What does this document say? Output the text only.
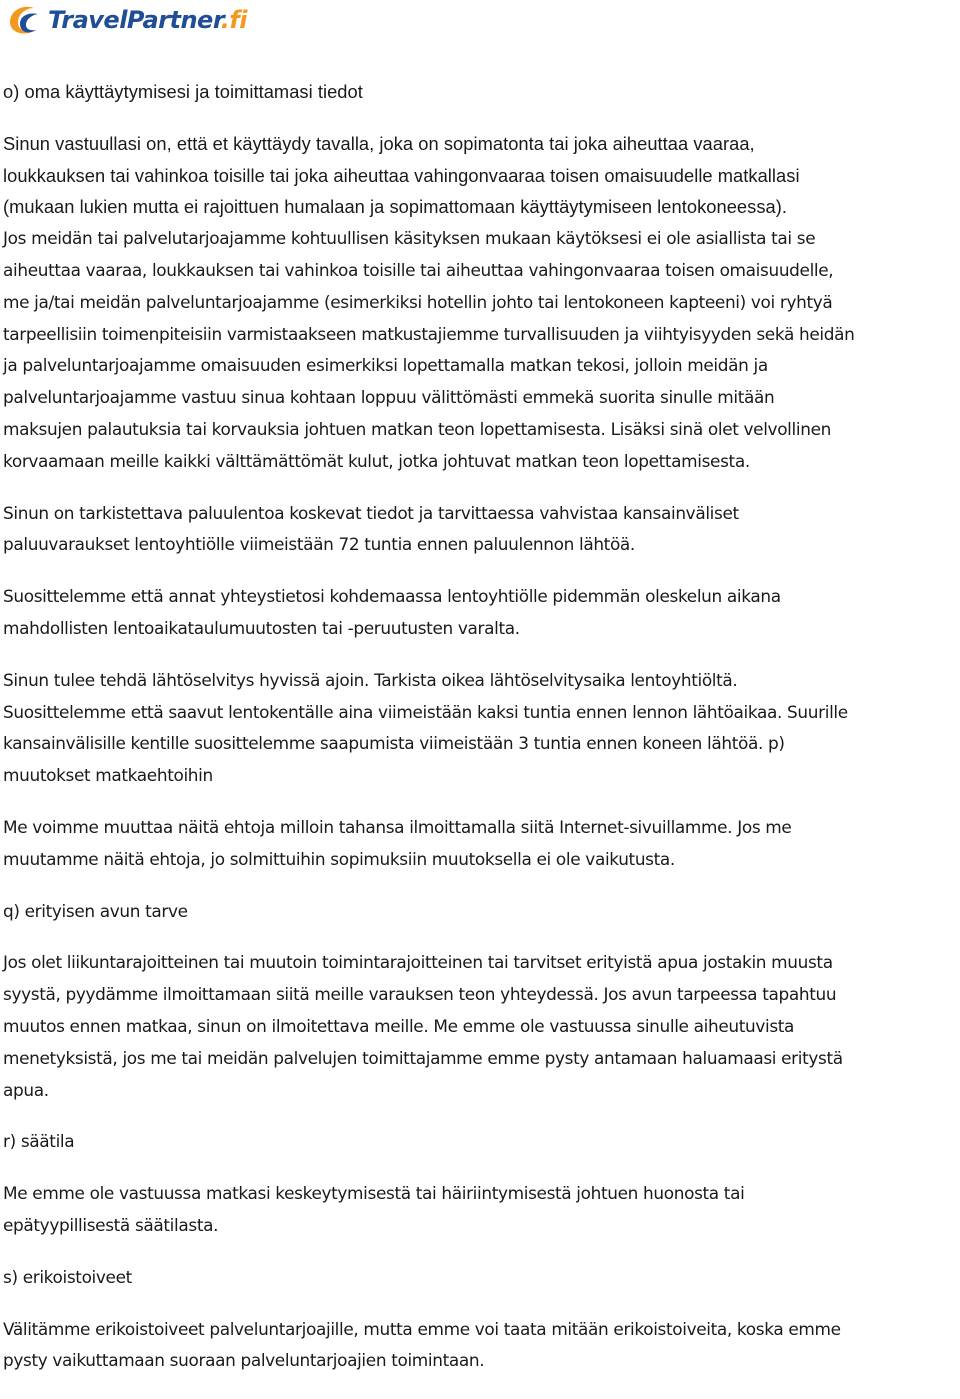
TravelPartner.fi
o) oma käyttäytymisesi ja toimittamasi tiedot
Sinun vastuullasi on, että et käyttäydy tavalla, joka on sopimatonta tai joka aiheuttaa vaaraa,
loukkauksen tai vahinkoa toisille tai joka aiheuttaa vahingonvaaraa toisen omaisuudelle matkallasi
(mukaan lukien mutta ei rajoittuen humalaan ja sopimattomaan käyttäytymiseen lentokoneessa).
Jos meidän tai palvelutarjoajamme kohtuullisen käsityksen mukaan käytöksesi ei ole asiallista tai se
aiheuttaa vaaraa, loukkauksen tai vahinkoa toisille tai aiheuttaa vahingonvaaraa toisen omaisuudelle,
me ja/tai meidän palveluntarjoajamme (esimerkiksi hotellin johto tai lentokoneen kapteeni) voi ryhtyä
tarpeellisiin toimenpiteisiin varmistaakseen matkustajiemme turvallisuuden ja viihtyisyyden sekä heidän
ja palveluntarjoajamme omaisuuden esimerkiksi lopettamalla matkan tekosi, jolloin meidän ja
palveluntarjoajamme vastuu sinua kohtaan loppuu välittömästi emmekä suorita sinulle mitään
maksujen palautuksia tai korvauksia johtuen matkan teon lopettamisesta. Lisäksi sinä olet velvollinen
korvaamaan meille kaikki välttämättömät kulut, jotka johtuvat matkan teon lopettamisesta.
Sinun on tarkistettava paluulentoa koskevat tiedot ja tarvittaessa vahvistaa kansainväliset
paluuvaraukset lentoyhtiölle viimeistään 72 tuntia ennen paluulennon lähtöä.
Suosittelemme että annat yhteystietosi kohdemaassa lentoyhtiölle pidemmän oleskelun aikana
mahdollisten lentoaikataulumuutosten tai -peruutusten varalta.
Sinun tulee tehdä lähtöselvitys hyvissä ajoin. Tarkista oikea lähtöselvitysaika lentoyhtiöltä.
Suosittelemme että saavut lentokentälle aina viimeistään kaksi tuntia ennen lennon lähtöaikaa. Suurille
kansainvälisille kentille suosittelemme saapumista viimeistään 3 tuntia ennen koneen lähtöä. p)
muutokset matkaehtoihin
Me voimme muuttaa näitä ehtoja milloin tahansa ilmoittamalla siitä Internet-sivuillamme. Jos me
muutamme näitä ehtoja, jo solmittuihin sopimuksiin muutoksella ei ole vaikutusta.
q) erityisen avun tarve
Jos olet liikuntarajoitteinen tai muutoin toimintarajoitteinen tai tarvitset erityistä apua jostakin muusta
syystä, pyydämme ilmoittamaan siitä meille varauksen teon yhteydessä. Jos avun tarpeessa tapahtuu
muutos ennen matkaa, sinun on ilmoitettava meille. Me emme ole vastuussa sinulle aiheutuvista
menetyksistä, jos me tai meidän palvelujen toimittajamme emme pysty antamaan haluamaasi eritystä
apua.
r) säätila
Me emme ole vastuussa matkasi keskeytymisestä tai häiriintymisestä johtuen huonosta tai
epätyypillisestä säätilasta.
s) erikoistoiveet
Välitämme erikoistoiveet palveluntarjoajille, mutta emme voi taata mitään erikoistoiveita, koska emme
pysty vaikuttamaan suoraan palveluntarjoajien toimintaan.
